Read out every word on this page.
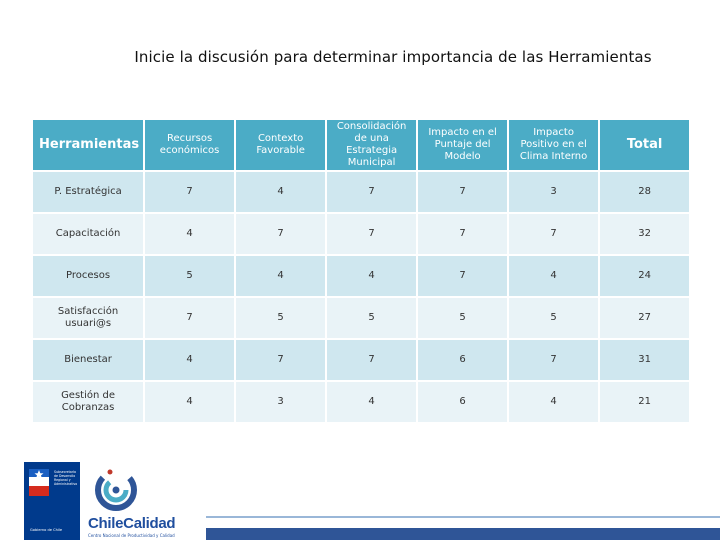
Inicie la discusión para determinar importancia de las Herramientas
Herramientas	Recursos económicos	Contexto Favorable	Consolidación de una Estrategia Municipal	Impacto en el Puntaje del Modelo	Impacto Positivo en el Clima Interno	Total
P. Estratégica	7	4	7	7	3	28
Capacitación	4	7	7	7	7	32
Procesos	5	4	4	7	4	24
Satisfacción usuari@s	7	5	5	5	5	27
Bienestar	4	7	7	6	7	31
Gestión de Cobranzas	4	3	4	6	4	21
Subsecretaría de Desarrollo Regional y Administrativo
Gobierno de Chile ChileCalidad
Centro Nacional de Productividad y Calidad
